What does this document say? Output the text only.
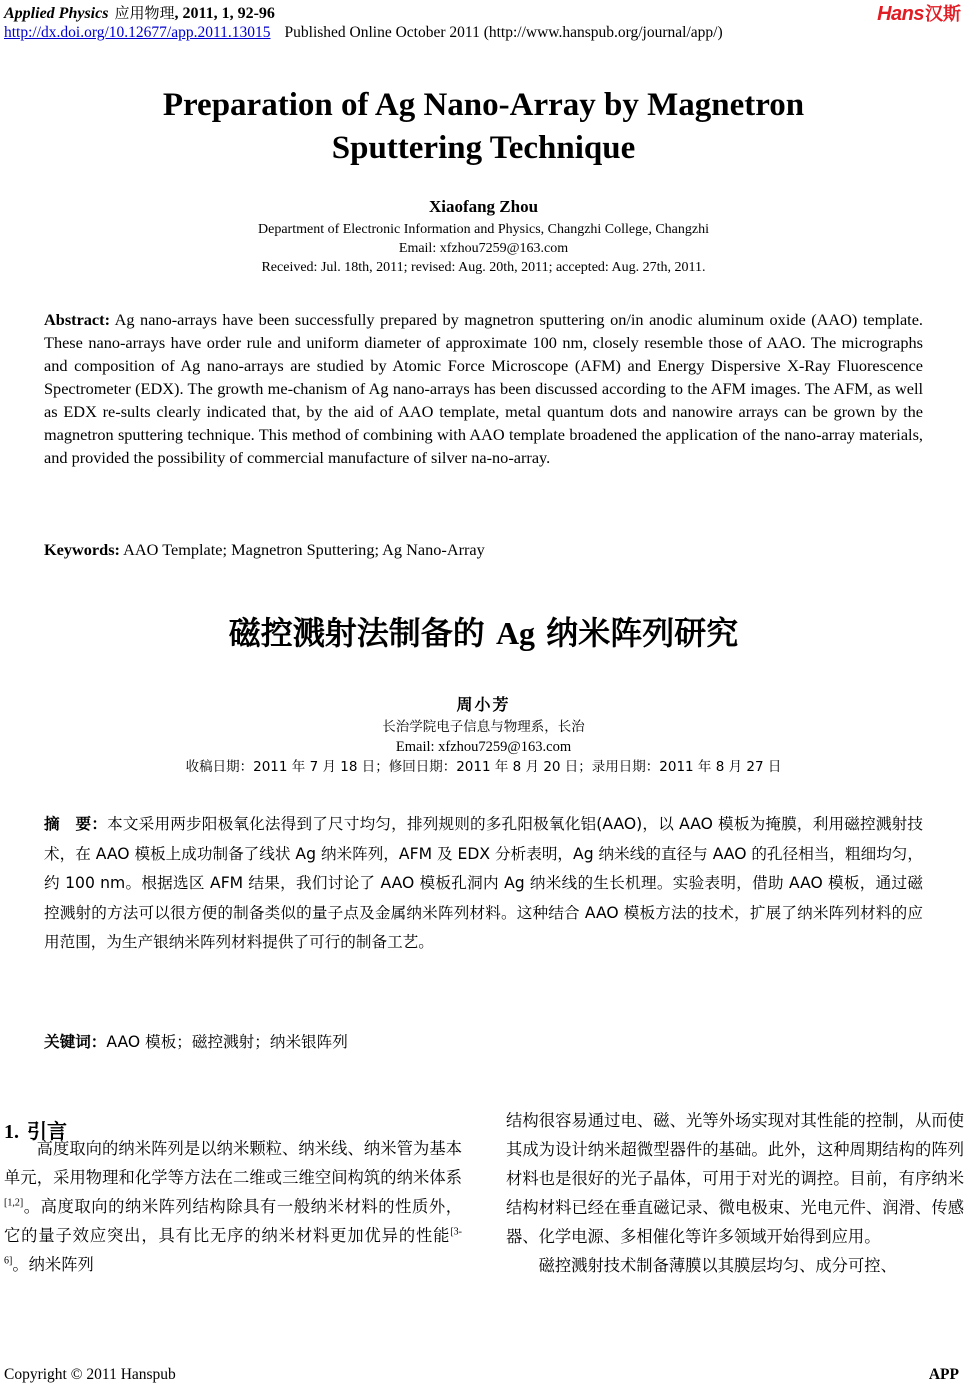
Applied Physics 应用物理, 2011, 1, 92-96
http://dx.doi.org/10.12677/app.2011.13015 Published Online October 2011 (http://www.hanspub.org/journal/app/)
Hans汉斯
Preparation of Ag Nano-Array by Magnetron
Sputtering Technique
Xiaofang Zhou
Department of Electronic Information and Physics, Changzhi College, Changzhi
Email: xfzhou7259@163.com
Received: Jul. 18th, 2011; revised: Aug. 20th, 2011; accepted: Aug. 27th, 2011.
Abstract: Ag nano-arrays have been successfully prepared by magnetron sputtering on/in anodic aluminum oxide (AAO) template. These nano-arrays have order rule and uniform diameter of approximate 100 nm, closely resemble those of AAO. The micrographs and composition of Ag nano-arrays are studied by Atomic Force Microscope (AFM) and Energy Dispersive X-Ray Fluorescence Spectrometer (EDX). The growth me-chanism of Ag nano-arrays has been discussed according to the AFM images. The AFM, as well as EDX re-sults clearly indicated that, by the aid of AAO template, metal quantum dots and nanowire arrays can be grown by the magnetron sputtering technique. This method of combining with AAO template broadened the application of the nano-array materials, and provided the possibility of commercial manufacture of silver na-no-array.
Keywords: AAO Template; Magnetron Sputtering; Ag Nano-Array
磁控溅射法制备的 Ag 纳米阵列研究
周小芳
长治学院电子信息与物理系，长治
Email: xfzhou7259@163.com
收稿日期：2011 年 7 月 18 日；修回日期：2011 年 8 月 20 日；录用日期：2011 年 8 月 27 日
摘　要：本文采用两步阳极氧化法得到了尺寸均匀，排列规则的多孔阳极氧化铝(AAO)，以 AAO 模板为掩膜，利用磁控溅射技术，在 AAO 模板上成功制备了线状 Ag 纳米阵列，AFM 及 EDX 分析表明，Ag 纳米线的直径与 AAO 的孔径相当，粗细均匀，约 100 nm。根据选区 AFM 结果，我们讨论了 AAO 模板孔洞内 Ag 纳米线的生长机理。实验表明，借助 AAO 模板，通过磁控溅射的方法可以很方便的制备类似的量子点及金属纳米阵列材料。这种结合 AAO 模板方法的技术，扩展了纳米阵列材料的应用范围，为生产银纳米阵列材料提供了可行的制备工艺。
关键词：AAO 模板；磁控溅射；纳米银阵列
1. 引言

高度取向的纳米阵列是以纳米颗粒、纳米线、纳米管为基本单元，采用物理和化学等方法在二维或三维空间构筑的纳米体系[1,2]。高度取向的纳米阵列结构除具有一般纳米材料的性质外，它的量子效应突出，具有比无序的纳米材料更加优异的性能[3-6]。纳米阵列

结构很容易通过电、磁、光等外场实现对其性能的控制，从而使其成为设计纳米超微型器件的基础。此外，这种周期结构的阵列材料也是很好的光子晶体，可用于对光的调控。目前，有序纳米结构材料已经在垂直磁记录、微电极束、光电元件、润滑、传感器、化学电源、多相催化等许多领域开始得到应用。

磁控溅射技术制备薄膜以其膜层均匀、成分可控、

Copyright © 2011 Hanspub	APP
